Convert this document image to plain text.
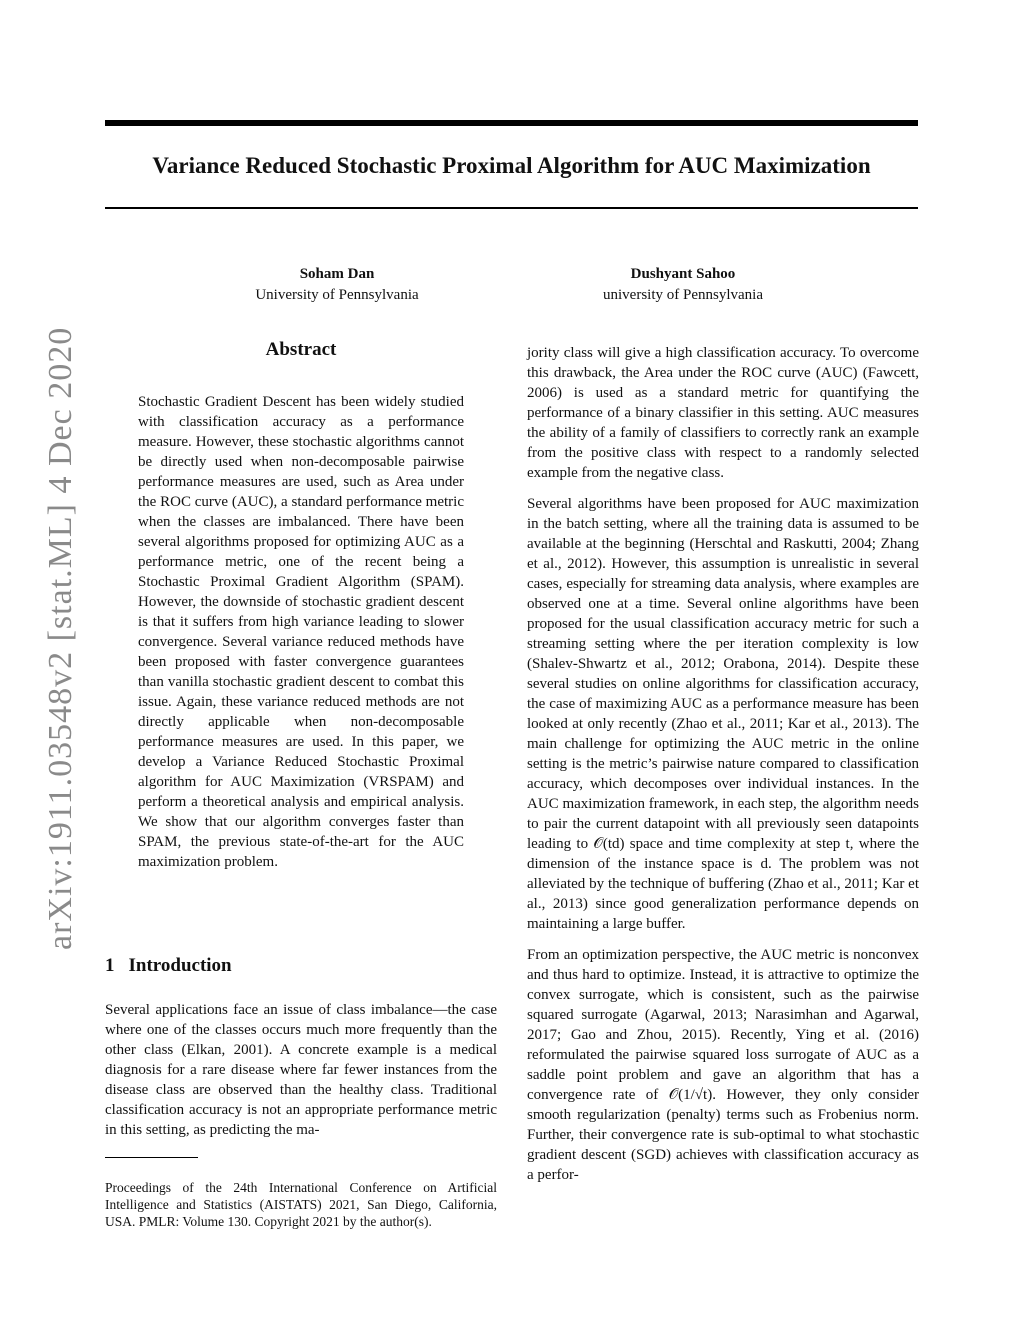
Variance Reduced Stochastic Proximal Algorithm for AUC Maximization
Soham Dan
University of Pennsylvania
Dushyant Sahoo
university of Pennsylvania
arXiv:1911.03548v2 [stat.ML] 4 Dec 2020	Abstract
Stochastic Gradient Descent has been widely studied with classification accuracy as a performance measure. However, these stochastic algorithms cannot be directly used when non-decomposable pairwise performance measures are used, such as Area under the ROC curve (AUC), a standard performance metric when the classes are imbalanced. There have been several algorithms proposed for optimizing AUC as a performance metric, one of the recent being a Stochastic Proximal Gradient Algorithm (SPAM). However, the downside of stochastic gradient descent is that it suffers from high variance leading to slower convergence. Several variance reduced methods have been proposed with faster convergence guarantees than vanilla stochastic gradient descent to combat this issue. Again, these variance reduced methods are not directly applicable when non-decomposable performance measures are used. In this paper, we develop a Variance Reduced Stochastic Proximal algorithm for AUC Maximization (VRSPAM) and perform a theoretical analysis and empirical analysis. We show that our algorithm converges faster than SPAM, the previous state-of-the-art for the AUC maximization problem.
1 Introduction
Several applications face an issue of class imbalance—the case where one of the classes occurs much more frequently than the other class (Elkan, 2001). A concrete example is a medical diagnosis for a rare disease where far fewer instances from the disease class are observed than the healthy class. Traditional classification accuracy is not an appropriate performance metric in this setting, as predicting the ma-
Proceedings of the 24th International Conference on Artificial Intelligence and Statistics (AISTATS) 2021, San Diego, California, USA. PMLR: Volume 130. Copyright 2021 by the author(s).

jority class will give a high classification accuracy. To overcome this drawback, the Area under the ROC curve (AUC) (Fawcett, 2006) is used as a standard metric for quantifying the performance of a binary classifier in this setting. AUC measures the ability of a family of classifiers to correctly rank an example from the positive class with respect to a randomly selected example from the negative class.

Several algorithms have been proposed for AUC maximization in the batch setting, where all the training data is assumed to be available at the beginning (Herschtal and Raskutti, 2004; Zhang et al., 2012). However, this assumption is unrealistic in several cases, especially for streaming data analysis, where examples are observed one at a time. Several online algorithms have been proposed for the usual classification accuracy metric for such a streaming setting where the per iteration complexity is low (Shalev-Shwartz et al., 2012; Orabona, 2014). Despite these several studies on online algorithms for classification accuracy, the case of maximizing AUC as a performance measure has been looked at only recently (Zhao et al., 2011; Kar et al., 2013). The main challenge for optimizing the AUC metric in the online setting is the metric’s pairwise nature compared to classification accuracy, which decomposes over individual instances. In the AUC maximization framework, in each step, the algorithm needs to pair the current datapoint with all previously seen datapoints leading to 𝒪(td) space and time complexity at step t, where the dimension of the instance space is d. The problem was not alleviated by the technique of buffering (Zhao et al., 2011; Kar et al., 2013) since good generalization performance depends on maintaining a large buffer.

From an optimization perspective, the AUC metric is nonconvex and thus hard to optimize. Instead, it is attractive to optimize the convex surrogate, which is consistent, such as the pairwise squared surrogate (Agarwal, 2013; Narasimhan and Agarwal, 2017; Gao and Zhou, 2015). Recently, Ying et al. (2016) reformulated the pairwise squared loss surrogate of AUC as a saddle point problem and gave an algorithm that has a convergence rate of 𝒪(1/√t). However, they only consider smooth regularization (penalty) terms such as Frobenius norm. Further, their convergence rate is sub-optimal to what stochastic gradient descent (SGD) achieves with classification accuracy as a perfor-
